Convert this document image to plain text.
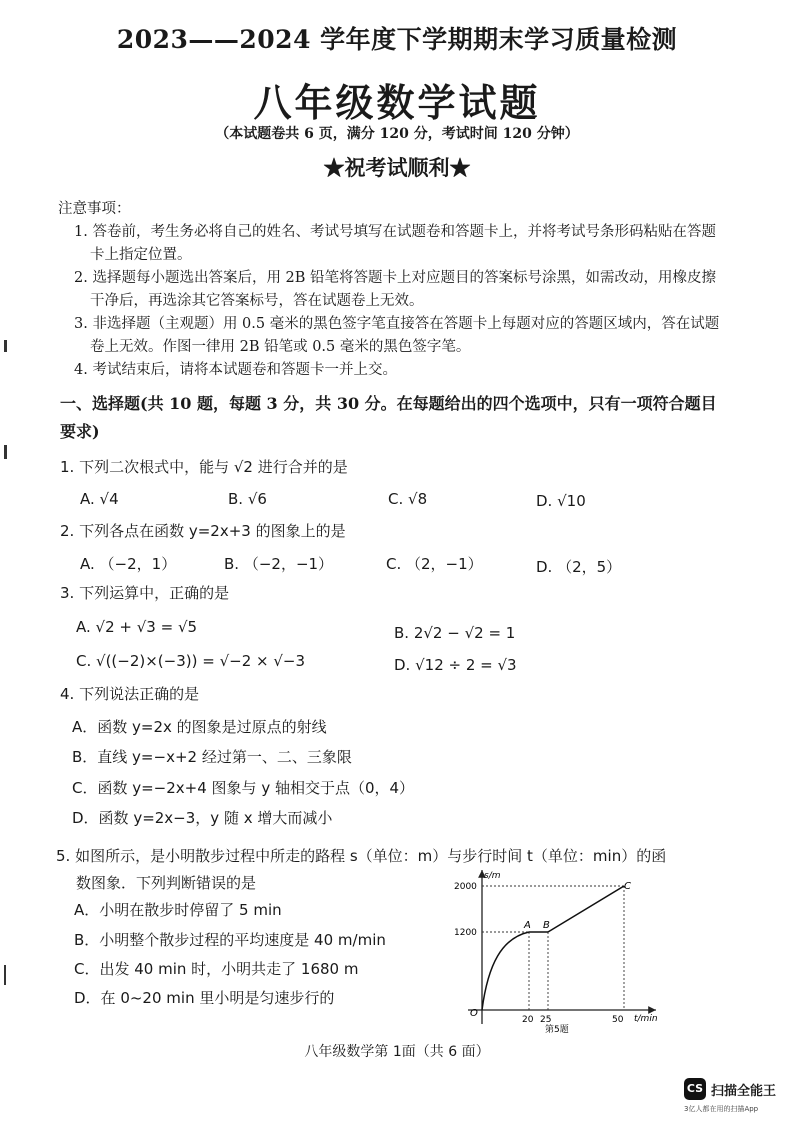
2023——2024 学年度下学期期末学习质量检测
八年级数学试题
（本试题卷共 6 页，满分 120 分，考试时间 120 分钟）
★祝考试顺利★

注意事项：

1. 答卷前，考生务必将自己的姓名、考试号填写在试题卷和答题卡上，并将考试号条形码粘贴在答题卡上指定位置。

2. 选择题每小题选出答案后，用 2B 铅笔将答题卡上对应题目的答案标号涂黑，如需改动，用橡皮擦干净后，再选涂其它答案标号，答在试题卷上无效。

3. 非选择题（主观题）用 0.5 毫米的黑色签字笔直接答在答题卡上每题对应的答题区域内，答在试题卷上无效。作图一律用 2B 铅笔或 0.5 毫米的黑色签字笔。

4. 考试结束后，请将本试题卷和答题卡一并上交。

一、选择题(共 10 题，每题 3 分，共 30 分。在每题给出的四个选项中，只有一项符合题目要求)
1. 下列二次根式中，能与 √2 进行合并的是
A. √4	B. √6	C. √8	D. √10
2. 下列各点在函数 y=2x+3 的图象上的是
A. （−2，1）	B. （−2，−1）	C. （2，−1）	D. （2，5）
3. 下列运算中，正确的是
A. √2 + √3 = √5	B. 2√2 − √2 = 1
C. √((−2)×(−3)) = √−2 × √−3	D. √12 ÷ 2 = √3
4. 下列说法正确的是
A．函数 y=2x 的图象是过原点的射线
B．直线 y=−x+2 经过第一、二、三象限
C．函数 y=−2x+4 图象与 y 轴相交于点（0，4）
D．函数 y=2x−3，y 随 x 增大而减小
5. 如图所示，是小明散步过程中所走的路程 s（单位：m）与步行时间 t（单位：min）的函
数图象．下列判断错误的是
A．小明在散步时停留了 5 min
B．小明整个散步过程的平均速度是 40 m/min
C．出发 40 min 时，小明共走了 1680 m
D．在 0~20 min 里小明是匀速步行的
s/m
t/min
O
2000
1200
20 25	50
A B
C
第5题
八年级数学第 1面（共 6 面）
CS 扫描全能王
3亿人都在用的扫描App
